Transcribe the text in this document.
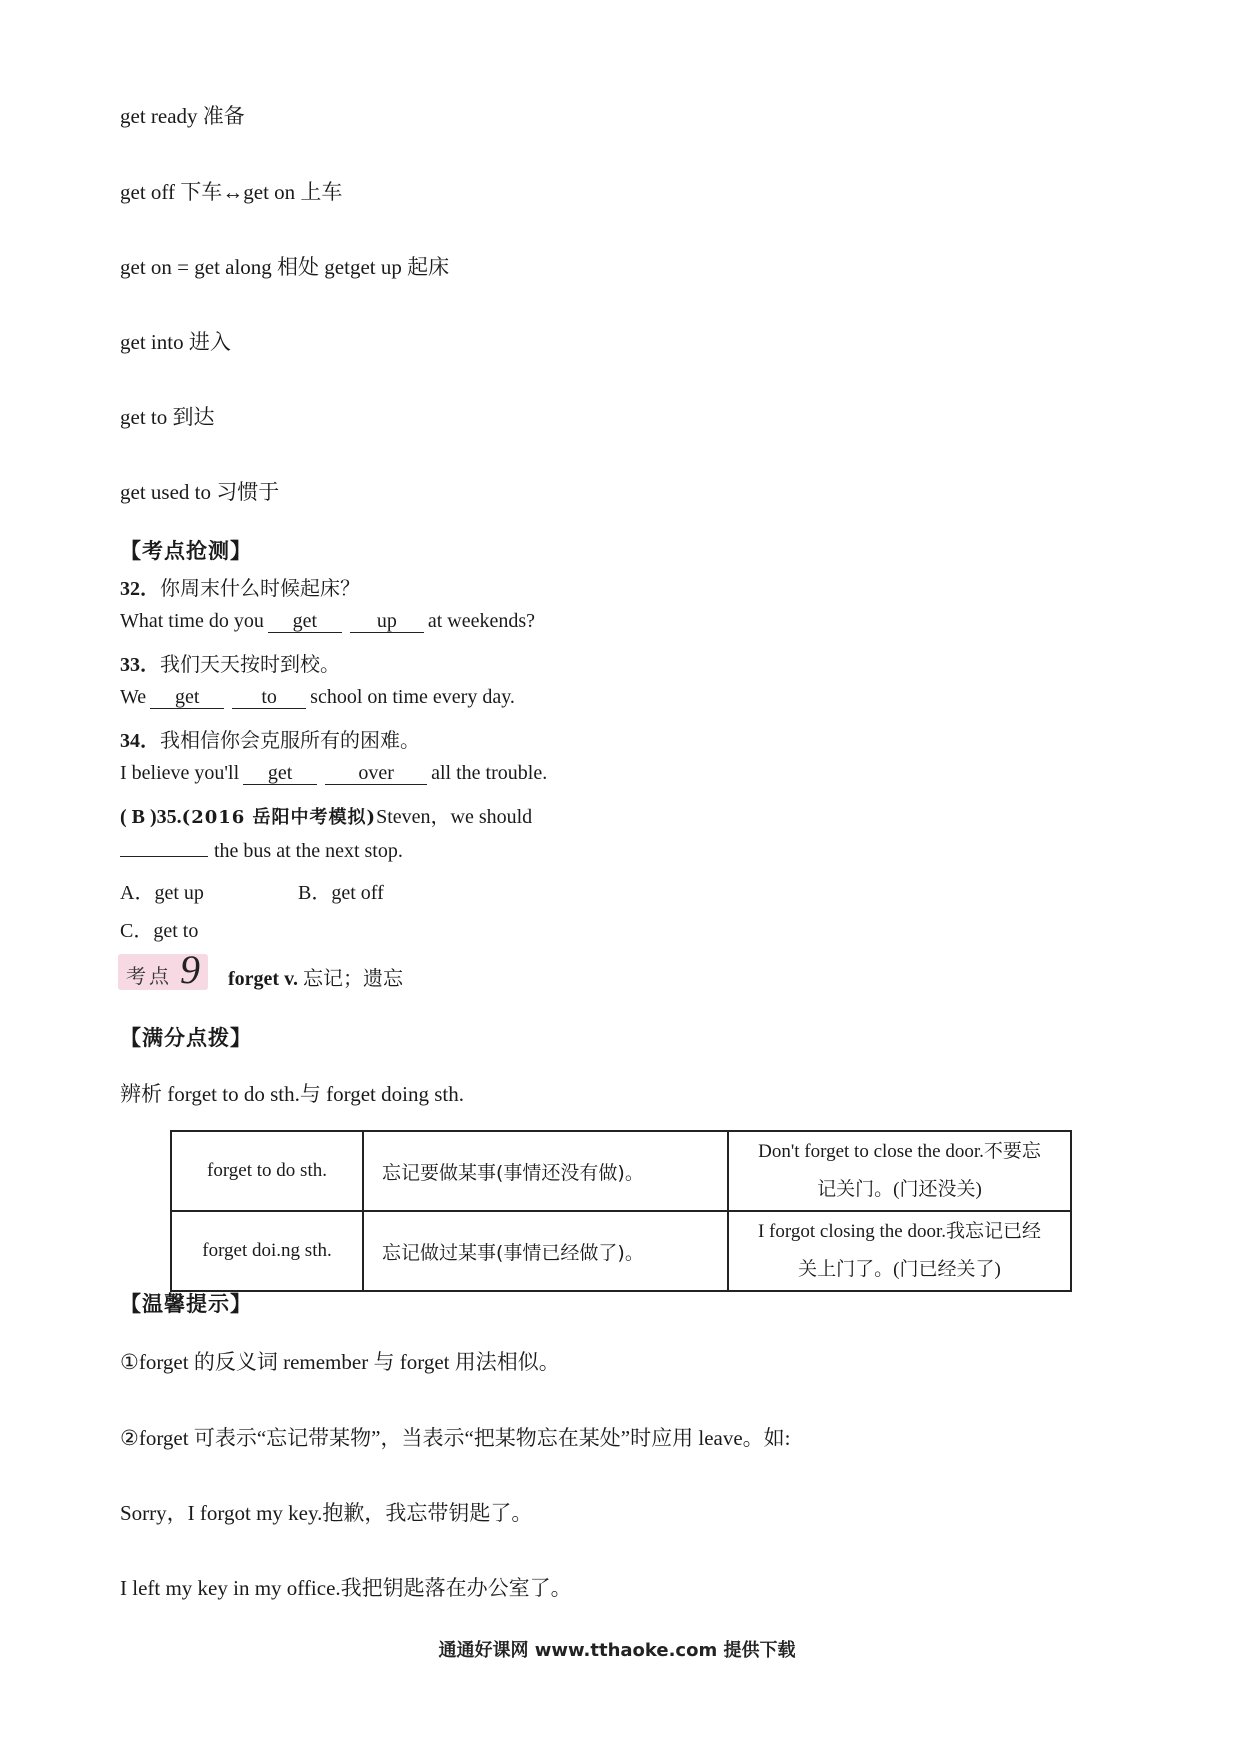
get ready 准备
get off 下车↔get on 上车
get on = get along 相处 getget up 起床
get into 进入
get to 到达
get used to 习惯于
【考点抢测】
32．你周末什么时候起床？
What time do you get	up at weekends?
33．我们天天按时到校。
We get	to school on time every day.
34．我相信你会克服所有的困难。
I believe you'll get	over all the trouble.
( B )35.(2016 岳阳中考模拟)Steven，we should
the bus at the next stop.
A．get up	B．get off
C．get to
考点 9 forget v. 忘记；遗忘
【满分点拨】
辨析 forget to do sth.与 forget doing sth.
forget to do sth.	忘记要做某事(事情还没有做)。	Don't forget to close the door.不要忘
记关门。(门还没关)

forget doi.ng sth.	忘记做过某事(事情已经做了)。	I forgot closing the door.我忘记已经
关上门了。(门已经关了)
【温馨提示】
①forget 的反义词 remember 与 forget 用法相似。
②forget 可表示“忘记带某物”，当表示“把某物忘在某处”时应用 leave。如:
Sorry，I forgot my key.抱歉，我忘带钥匙了。
I left my key in my office.我把钥匙落在办公室了。
通通好课网 www.tthaoke.com 提供下载
